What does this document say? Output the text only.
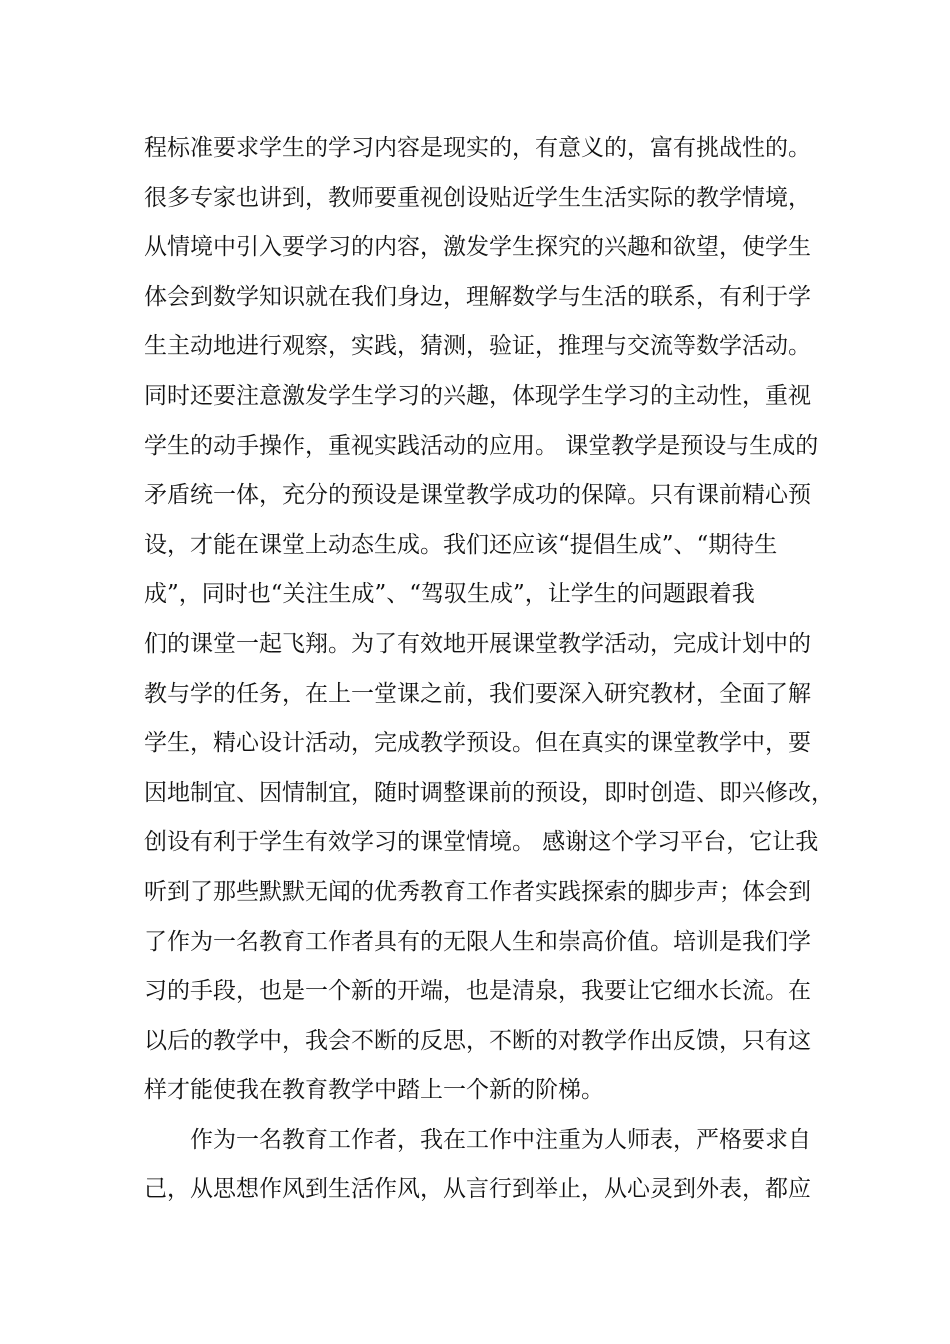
程标准要求学生的学习内容是现实的，有意义的，富有挑战性的。
很多专家也讲到，教师要重视创设贴近学生生活实际的教学情境，
从情境中引入要学习的内容，激发学生探究的兴趣和欲望，使学生
体会到数学知识就在我们身边，理解数学与生活的联系，有利于学
生主动地进行观察，实践，猜测，验证，推理与交流等数学活动。
同时还要注意激发学生学习的兴趣，体现学生学习的主动性，重视
学生的动手操作，重视实践活动的应用。 课堂教学是预设与生成的
矛盾统一体，充分的预设是课堂教学成功的保障。只有课前精心预
设，才能在课堂上动态生成。我们还应该“提倡生成”、“期待生
成”，同时也“关注生成”、“驾驭生成”，让学生的问题跟着我
们的课堂一起飞翔。为了有效地开展课堂教学活动，完成计划中的
教与学的任务，在上一堂课之前，我们要深入研究教材，全面了解
学生，精心设计活动，完成教学预设。但在真实的课堂教学中，要
因地制宜、因情制宜，随时调整课前的预设，即时创造、即兴修改，
创设有利于学生有效学习的课堂情境。 感谢这个学习平台，它让我
听到了那些默默无闻的优秀教育工作者实践探索的脚步声；体会到
了作为一名教育工作者具有的无限人生和崇高价值。培训是我们学
习的手段，也是一个新的开端，也是清泉，我要让它细水长流。在
以后的教学中，我会不断的反思，不断的对教学作出反馈，只有这
样才能使我在教育教学中踏上一个新的阶梯。
作为一名教育工作者，我在工作中注重为人师表，严格要求自
己，从思想作风到生活作风，从言行到举止，从心灵到外表，都应
